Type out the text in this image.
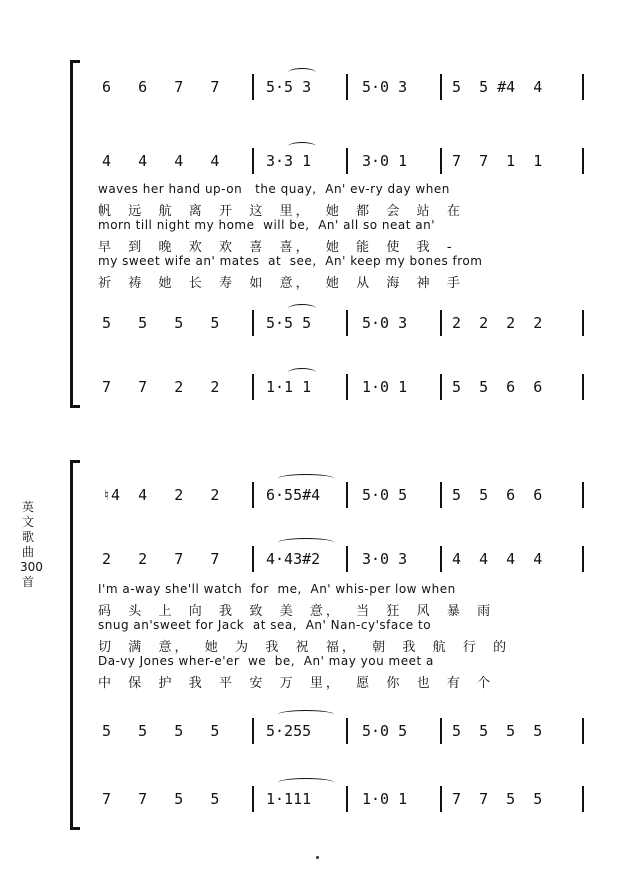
英文歌曲300首
6   6   7   7	5·5 3	5·0 3	5  5 #4  4
4   4   4   4	3·3 1	3·0 1	7  7  1  1
waves her hand up-on   the quay,  An' ev-ry day when
帆  远  航  离  开  这  里，  她  都  会  站  在
morn till night my home  will be,  An' all so neat an'
早  到  晚  欢  欢  喜  喜，  她  能  使  我  -
my sweet wife an' mates  at  see,  An' keep my bones from
祈  祷  她  长  寿  如  意，  她  从  海  神  手
5   5   5   5	5·5 5	5·0 3	2  2  2  2
7   7   2   2	1·1 1	1·0 1	5  5  6  6
♮4  4   2   2	6·55#4	5·0 5	5  5  6  6
2   2   7   7	4·43#2	3·0 3	4  4  4  4
I'm a-way she'll watch  for  me,  An' whis-per low when
码  头  上  向  我  致  美  意，  当  狂  风  暴  雨
snug an'sweet for Jack  at sea,  An' Nan-cy'sface to
切  满  意，  她  为  我  祝  福，  朝  我  航  行  的
Da-vy Jones wher-e'er  we  be,  An' may you meet a
中  保  护  我  平  安  万  里，  愿  你  也  有  个
5   5   5   5	5·255	5·0 5	5  5  5  5
7   7   5   5	1·111	1·0 1	7  7  5  5
